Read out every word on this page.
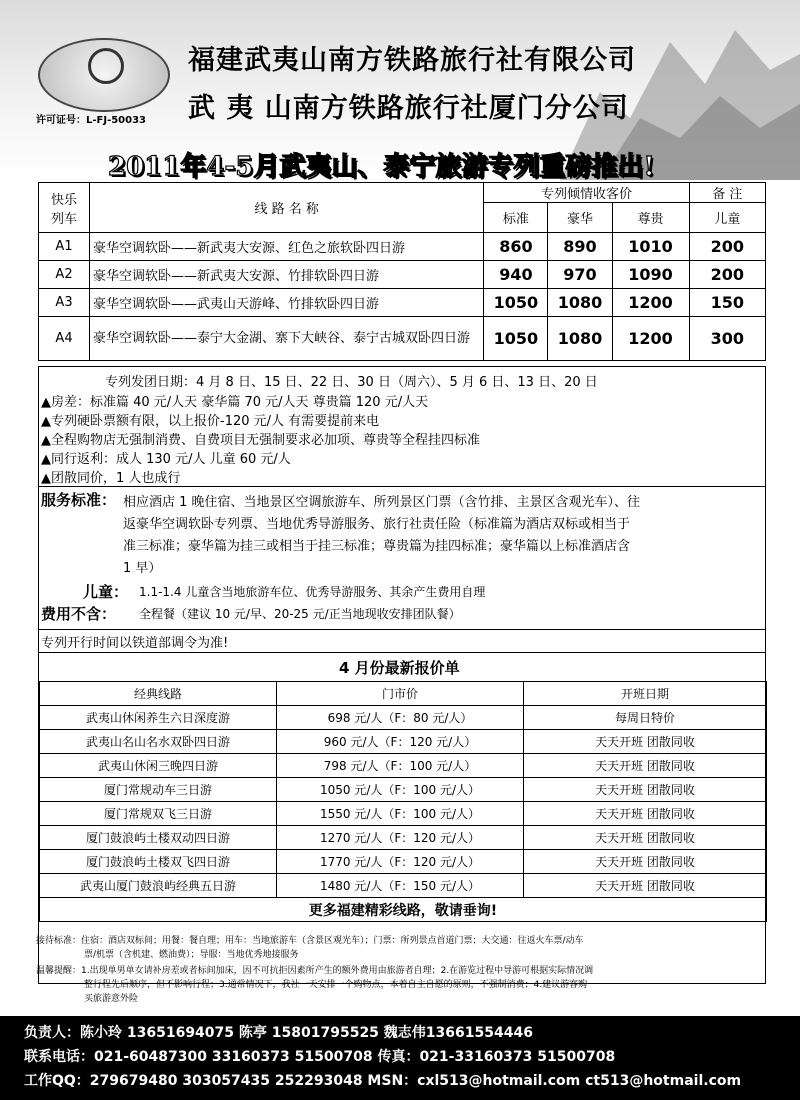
许可证号：L-FJ-50033
福建武夷山南方铁路旅行社有限公司
武 夷 山南方铁路旅行社厦门分公司
2011年4-5月武夷山、泰宁旅游专列重磅推出!
快乐
列车	线 路 名 称	专列倾情收客价			备 注
		标准	豪华	尊贵	儿童
A1	豪华空调软卧——新武夷大安源、红色之旅软卧四日游	860	890	1010	200
A2	豪华空调软卧——新武夷大安源、竹排软卧四日游	940	970	1090	200
A3	豪华空调软卧——武夷山天游峰、竹排软卧四日游	1050	1080	1200	150
A4	豪华空调软卧——泰宁大金湖、寨下大峡谷、泰宁古城双卧四日游	1050	1080	1200	300
专列发团日期：4 月 8 日、15 日、22 日、30 日（周六）、5 月 6 日、13 日、20 日
▲房差：标准篇 40 元/人天 豪华篇 70 元/人天 尊贵篇 120 元/人天
▲专列硬卧票额有限，以上报价-120 元/人 有需要提前来电
▲全程购物店无强制消费、自费项目无强制要求必加项、尊贵等全程挂四标准
▲同行返利：成人 130 元/人 儿童 60 元/人
▲团散同价，1 人也成行
服务标准： 相应酒店 1 晚住宿、当地景区空调旅游车、所列景区门票（含竹排、主景区含观光车）、往
返豪华空调软卧专列票、当地优秀导游服务、旅行社责任险（标准篇为酒店双标或相当于
准三标准；豪华篇为挂三或相当于挂三标准；尊贵篇为挂四标准；豪华篇以上标准酒店含
1 早）
儿童： 1.1-1.4 儿童含当地旅游车位、优秀导游服务、其余产生费用自理
费用不含： 全程餐（建议 10 元/早、20-25 元/正当地现收安排团队餐）
专列开行时间以铁道部调令为准!
4 月份最新报价单
经典线路	门市价	开班日期
武夷山休闲养生六日深度游	698 元/人（F：80 元/人）	每周日特价
武夷山名山名水双卧四日游	960 元/人（F：120 元/人）	天天开班 团散同收
武夷山休闲三晚四日游	798 元/人（F：100 元/人）	天天开班 团散同收
厦门常规动车三日游	1050 元/人（F：100 元/人）	天天开班 团散同收
厦门常规双飞三日游	1550 元/人（F：100 元/人）	天天开班 团散同收
厦门鼓浪屿土楼双动四日游	1270 元/人（F：120 元/人）	天天开班 团散同收
厦门鼓浪屿土楼双飞四日游	1770 元/人（F：120 元/人）	天天开班 团散同收
武夷山厦门鼓浪屿经典五日游	1480 元/人（F：150 元/人）	天天开班 团散同收
更多福建精彩线路，敬请垂询!		
接待标准：住宿：酒店双标间；用餐：餐自理；用车：当地旅游车（含景区观光车）；门票：所列景点首道门票；大交通：往返火车票/动车
票/机票（含机建、燃油费）；导服：当地优秀地接服务
温馨提醒：1.出现单男单女请补房差或者标间加床，因不可抗拒因素所产生的额外费用由旅游者自理；2.在游览过程中导游可根据实际情况调
整行程先后顺序，但不影响行程；3.通常情况下，我社一天安排一个购物点，本着自主自愿的原则，不强制消费；4.建议游客购
买旅游意外险
负责人：陈小玲 13651694075 陈亭 15801795525 魏志伟13661554446
联系电话：021-60487300 33160373 51500708 传真：021-33160373 51500708
工作QQ：279679480 303057435 252293048 MSN：cxl513@hotmail.com ct513@hotmail.com
